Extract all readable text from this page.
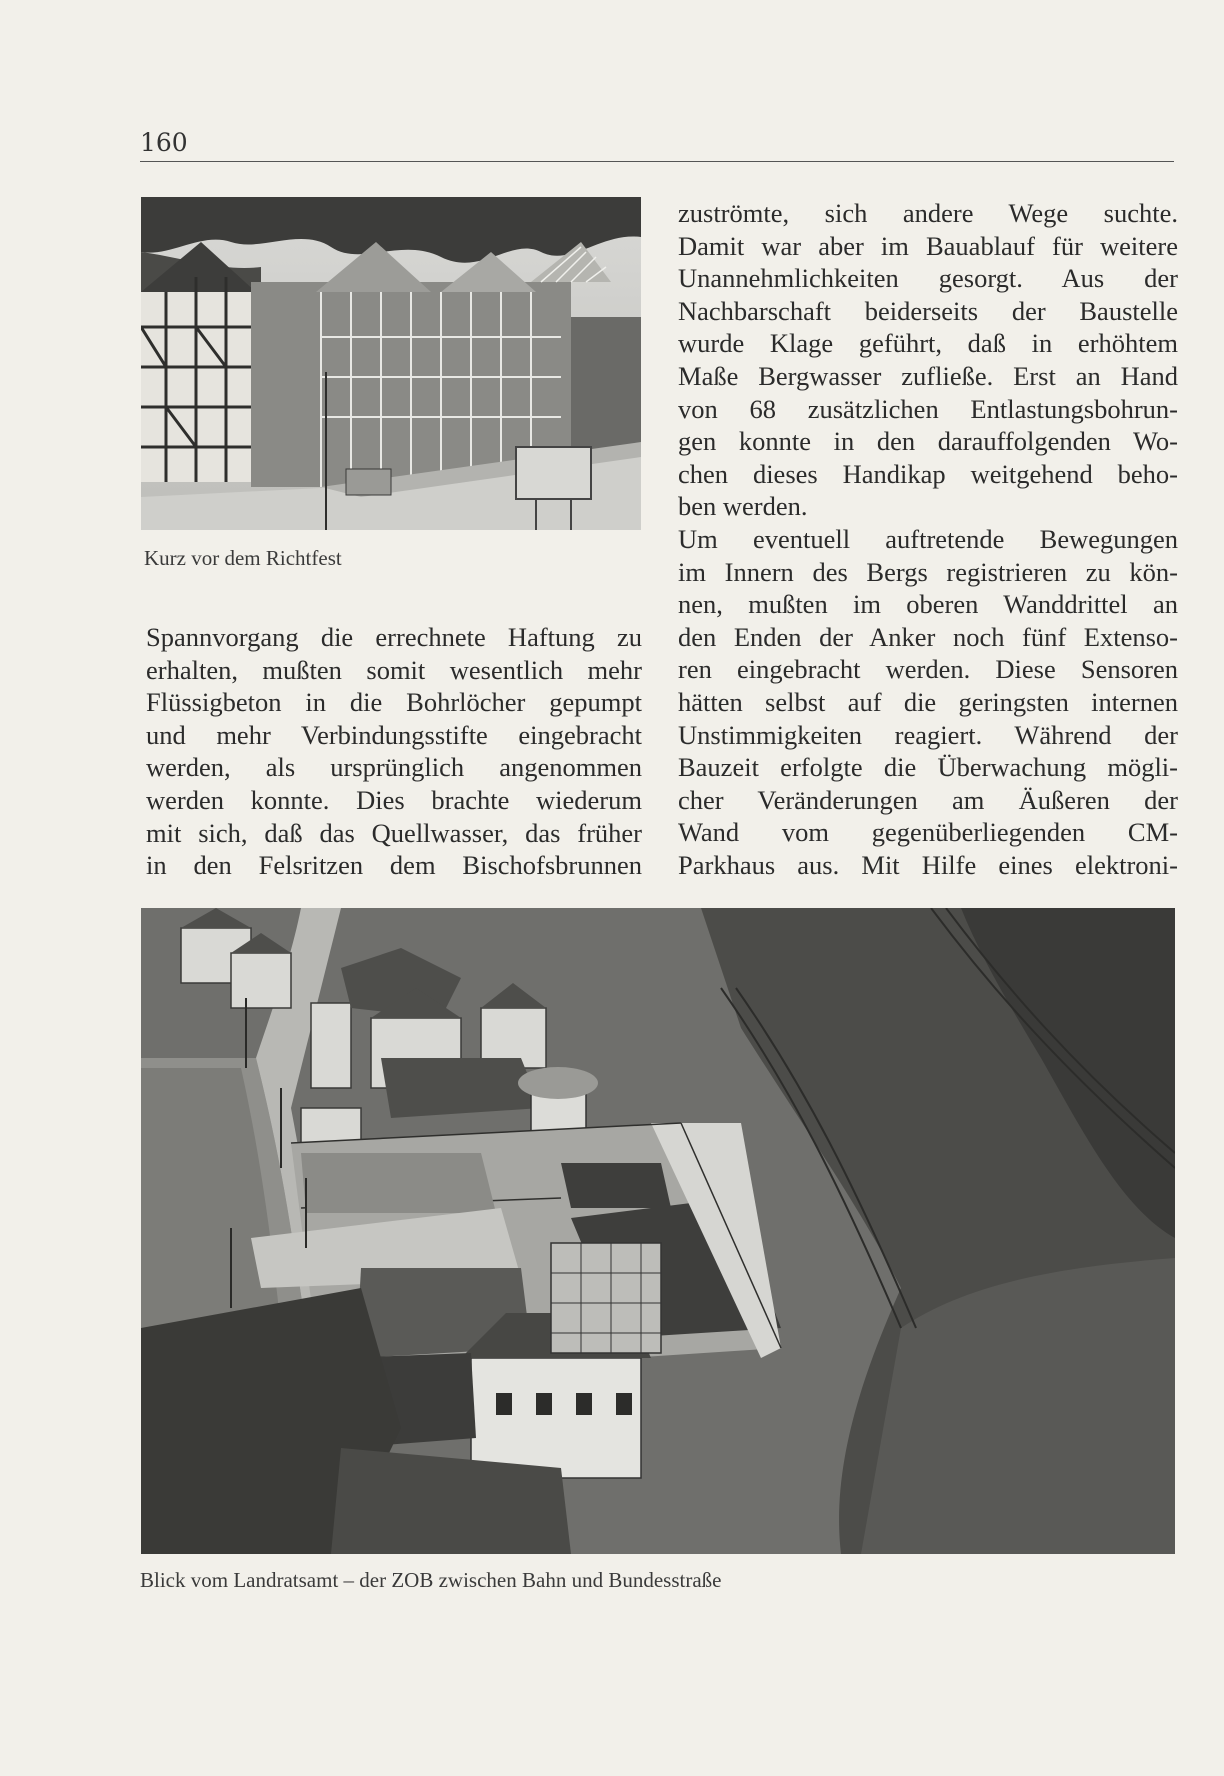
160
Kurz vor dem Richtfest
Spannvorgang die errechnete Haftung zu
erhalten, mußten somit wesentlich mehr
Flüssigbeton in die Bohrlöcher gepumpt
und mehr Verbindungsstifte eingebracht
werden, als ursprünglich angenommen
werden konnte. Dies brachte wiederum
mit sich, daß das Quellwasser, das früher
in den Felsritzen dem Bischofsbrunnen
zuströmte, sich andere Wege suchte.
Damit war aber im Bauablauf für weitere
Unannehmlichkeiten gesorgt. Aus der
Nachbarschaft beiderseits der Baustelle
wurde Klage geführt, daß in erhöhtem
Maße Bergwasser zufließe. Erst an Hand
von 68 zusätzlichen Entlastungsbohrun-
gen konnte in den darauffolgenden Wo-
chen dieses Handikap weitgehend beho-
ben werden.
Um eventuell auftretende Bewegungen
im Innern des Bergs registrieren zu kön-
nen, mußten im oberen Wanddrittel an
den Enden der Anker noch fünf Extenso-
ren eingebracht werden. Diese Sensoren
hätten selbst auf die geringsten internen
Unstimmigkeiten reagiert. Während der
Bauzeit erfolgte die Überwachung mögli-
cher Veränderungen am Äußeren der
Wand vom gegenüberliegenden CM-
Parkhaus aus. Mit Hilfe eines elektroni-
Blick vom Landratsamt – der ZOB zwischen Bahn und Bundesstraße
